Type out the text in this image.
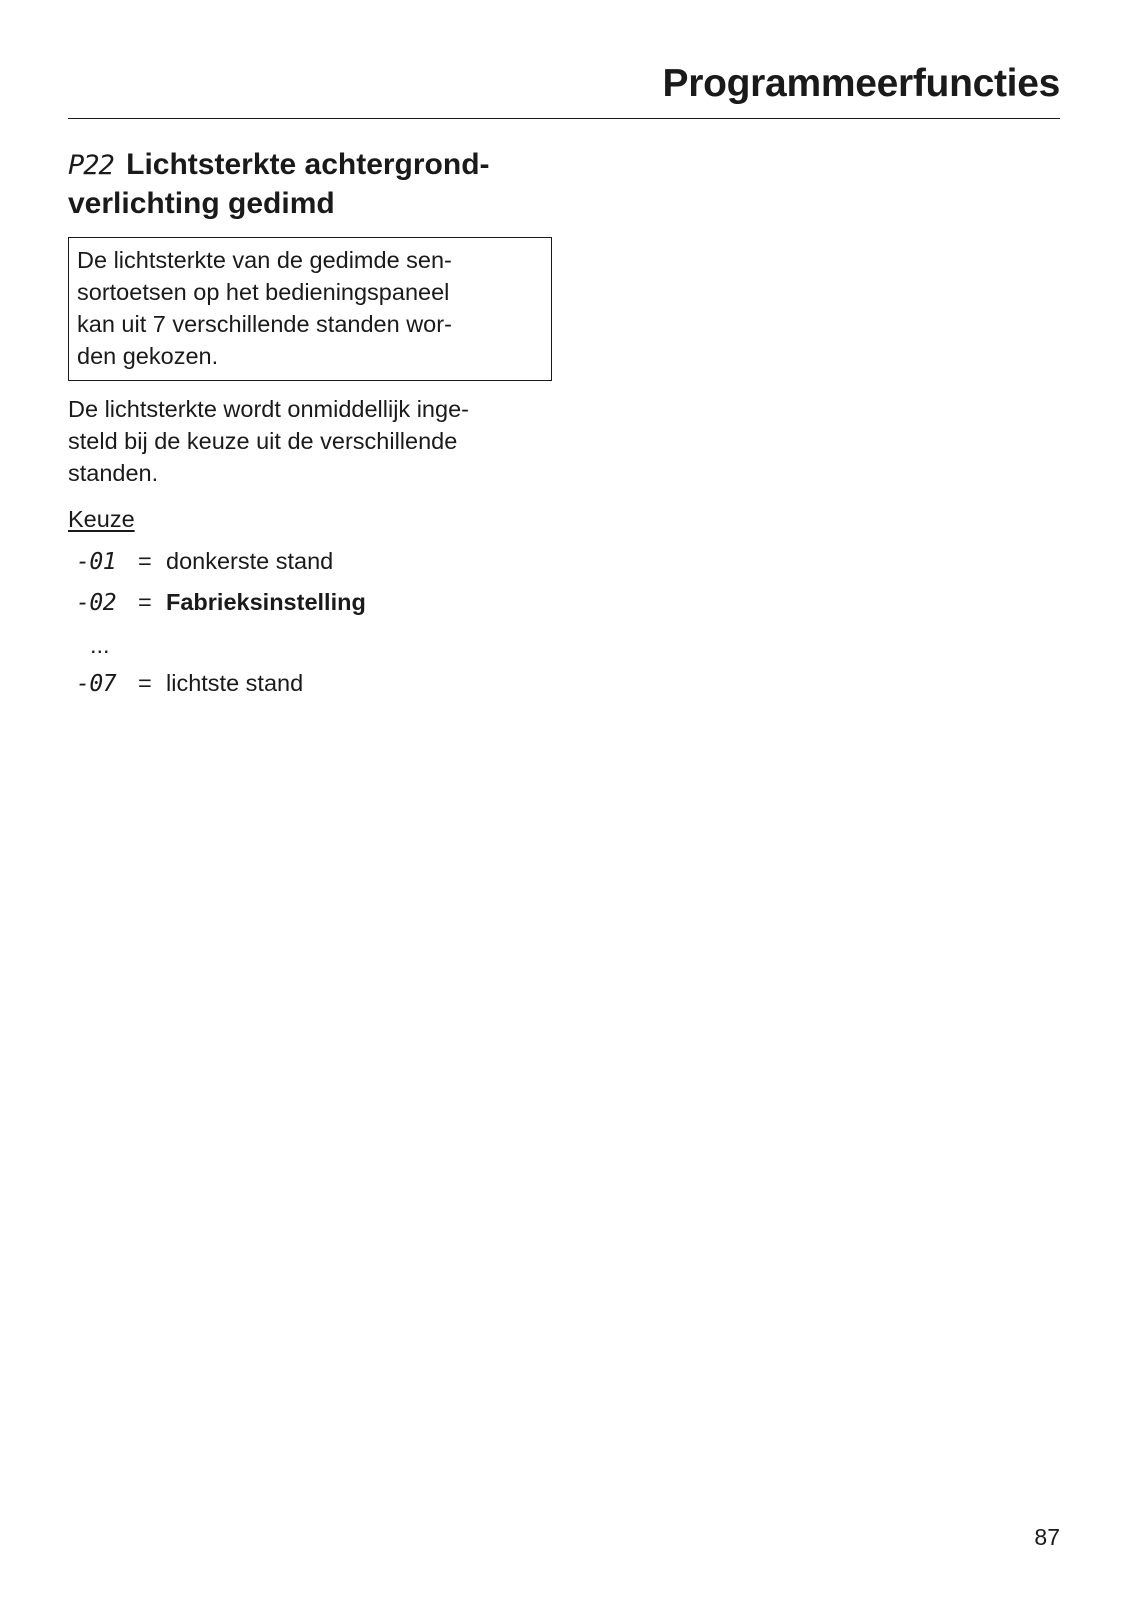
Programmeerfuncties
P22 Lichtsterkte achtergrond-
verlichting gedimd
De lichtsterkte van de gedimde sen-
sortoetsen op het bedieningspaneel
kan uit 7 verschillende standen wor-
den gekozen.
De lichtsterkte wordt onmiddellijk inge-
steld bij de keuze uit de verschillende
standen.
Keuze
-01 = donkerste stand
-02 = Fabrieksinstelling
...
-07 = lichtste stand
87
